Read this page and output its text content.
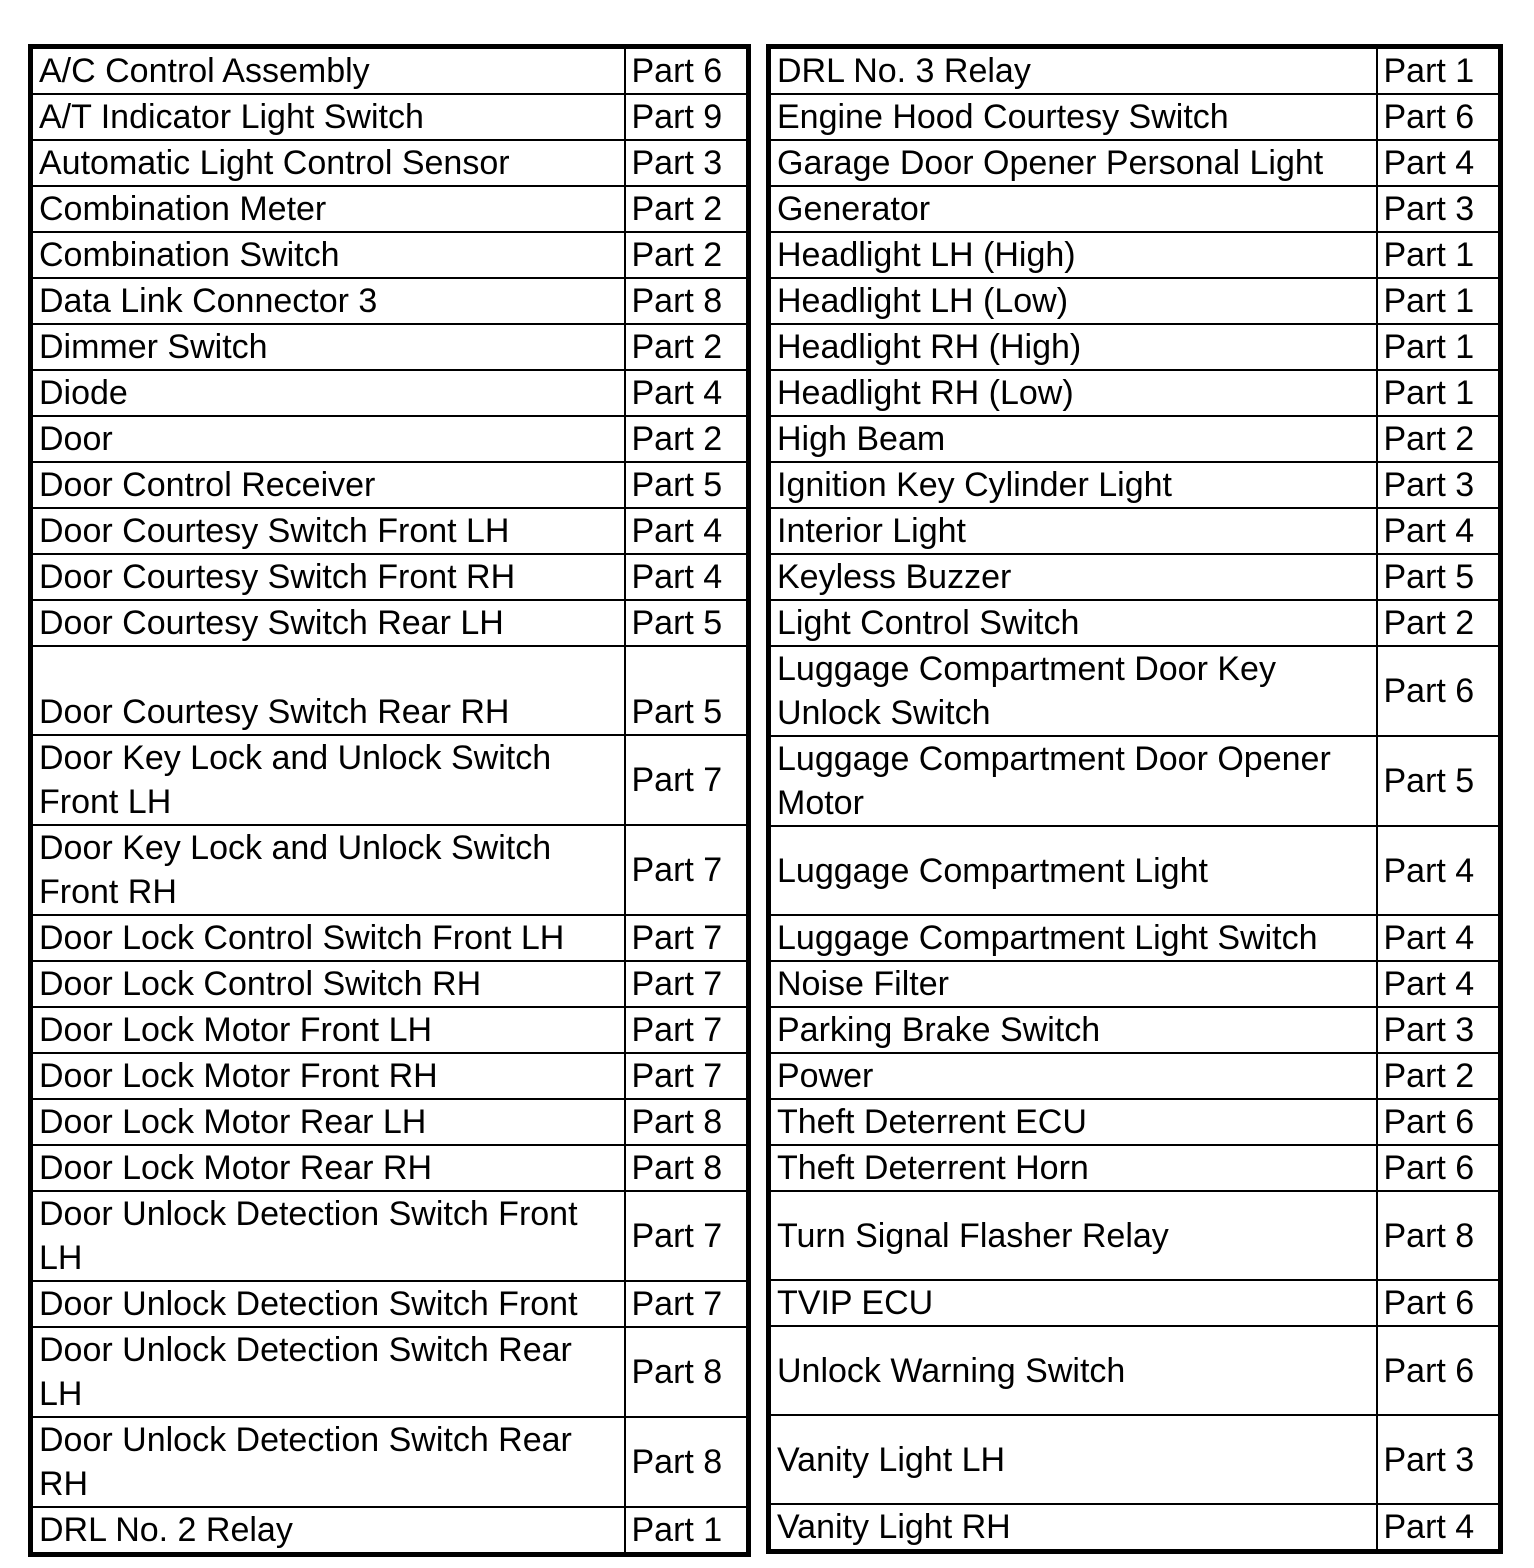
A/C Control Assembly	Part 6
A/T Indicator Light Switch	Part 9
Automatic Light Control Sensor	Part 3
Combination Meter	Part 2
Combination Switch	Part 2
Data Link Connector 3	Part 8
Dimmer Switch	Part 2
Diode	Part 4
Door	Part 2
Door Control Receiver	Part 5
Door Courtesy Switch Front LH	Part 4
Door Courtesy Switch Front RH	Part 4
Door Courtesy Switch Rear LH	Part 5
Door Courtesy Switch Rear RH	Part 5
Door Key Lock and Unlock Switch Front LH	Part 7
Door Key Lock and Unlock Switch Front RH	Part 7
Door Lock Control Switch Front LH	Part 7
Door Lock Control Switch RH	Part 7
Door Lock Motor Front LH	Part 7
Door Lock Motor Front RH	Part 7
Door Lock Motor Rear LH	Part 8
Door Lock Motor Rear RH	Part 8
Door Unlock Detection Switch Front LH	Part 7
Door Unlock Detection Switch Front	Part 7
Door Unlock Detection Switch Rear LH	Part 8
Door Unlock Detection Switch Rear RH	Part 8
DRL No. 2 Relay	Part 1
DRL No. 3 Relay	Part 1
Engine Hood Courtesy Switch	Part 6
Garage Door Opener Personal Light	Part 4
Generator	Part 3
Headlight LH (High)	Part 1
Headlight LH (Low)	Part 1
Headlight RH (High)	Part 1
Headlight RH (Low)	Part 1
High Beam	Part 2
Ignition Key Cylinder Light	Part 3
Interior Light	Part 4
Keyless Buzzer	Part 5
Light Control Switch	Part 2
Luggage Compartment Door Key Unlock Switch	Part 6
Luggage Compartment Door Opener Motor	Part 5
Luggage Compartment Light	Part 4
Luggage Compartment Light Switch	Part 4
Noise Filter	Part 4
Parking Brake Switch	Part 3
Power	Part 2
Theft Deterrent ECU	Part 6
Theft Deterrent Horn	Part 6
Turn Signal Flasher Relay	Part 8
TVIP ECU	Part 6
Unlock Warning Switch	Part 6
Vanity Light LH	Part 3
Vanity Light RH	Part 4
